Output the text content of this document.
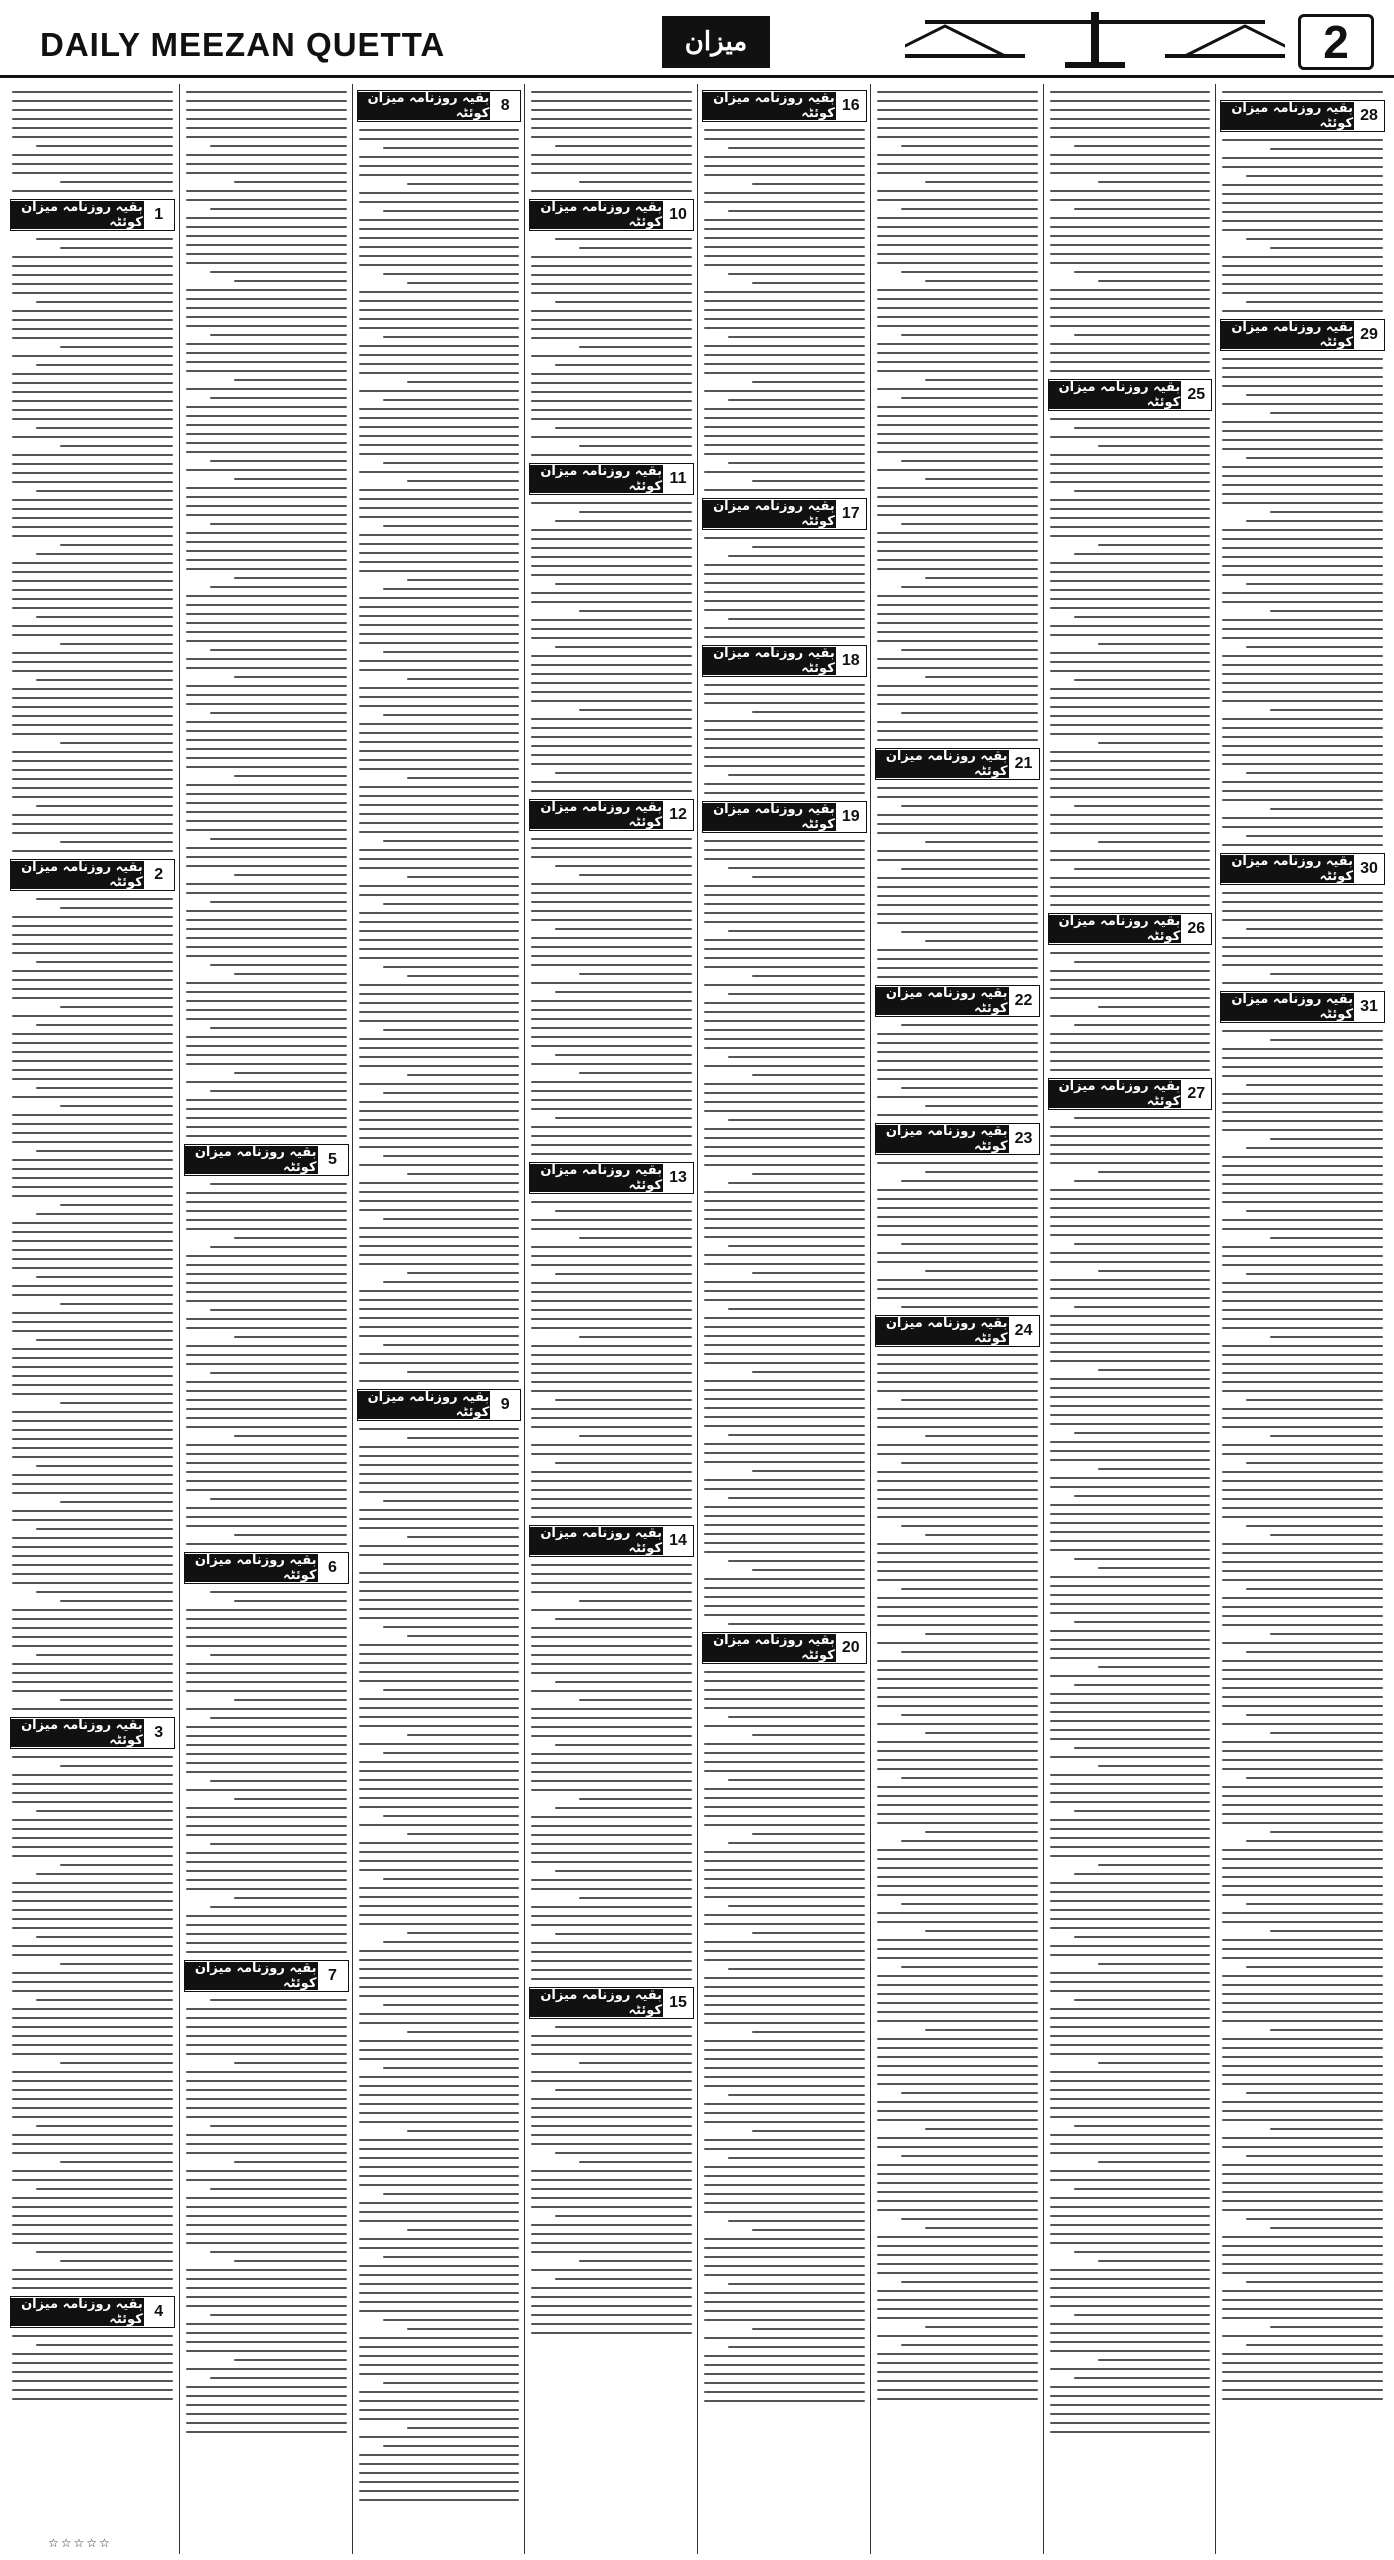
DAILY MEEZAN QUETTA	میزان	2
1
بقیہ روزنامہ میزان کوئٹہ
2
بقیہ روزنامہ میزان کوئٹہ
3
بقیہ روزنامہ میزان کوئٹہ
4
بقیہ روزنامہ میزان کوئٹہ
5
بقیہ روزنامہ میزان کوئٹہ
6
بقیہ روزنامہ میزان کوئٹہ
7
بقیہ روزنامہ میزان کوئٹہ
8
بقیہ روزنامہ میزان کوئٹہ
9
بقیہ روزنامہ میزان کوئٹہ
10
بقیہ روزنامہ میزان کوئٹہ
11
بقیہ روزنامہ میزان کوئٹہ
12
بقیہ روزنامہ میزان کوئٹہ
13
بقیہ روزنامہ میزان کوئٹہ
14
بقیہ روزنامہ میزان کوئٹہ
15
بقیہ روزنامہ میزان کوئٹہ
16
بقیہ روزنامہ میزان کوئٹہ
17
بقیہ روزنامہ میزان کوئٹہ
18
بقیہ روزنامہ میزان کوئٹہ
19
بقیہ روزنامہ میزان کوئٹہ
20
بقیہ روزنامہ میزان کوئٹہ
21
بقیہ روزنامہ میزان کوئٹہ
22
بقیہ روزنامہ میزان کوئٹہ
23
بقیہ روزنامہ میزان کوئٹہ
24
بقیہ روزنامہ میزان کوئٹہ
25
بقیہ روزنامہ میزان کوئٹہ
26
بقیہ روزنامہ میزان کوئٹہ
27
بقیہ روزنامہ میزان کوئٹہ
28
بقیہ روزنامہ میزان کوئٹہ
29
بقیہ روزنامہ میزان کوئٹہ
30
بقیہ روزنامہ میزان کوئٹہ
31
بقیہ روزنامہ میزان کوئٹہ
☆☆☆☆☆
